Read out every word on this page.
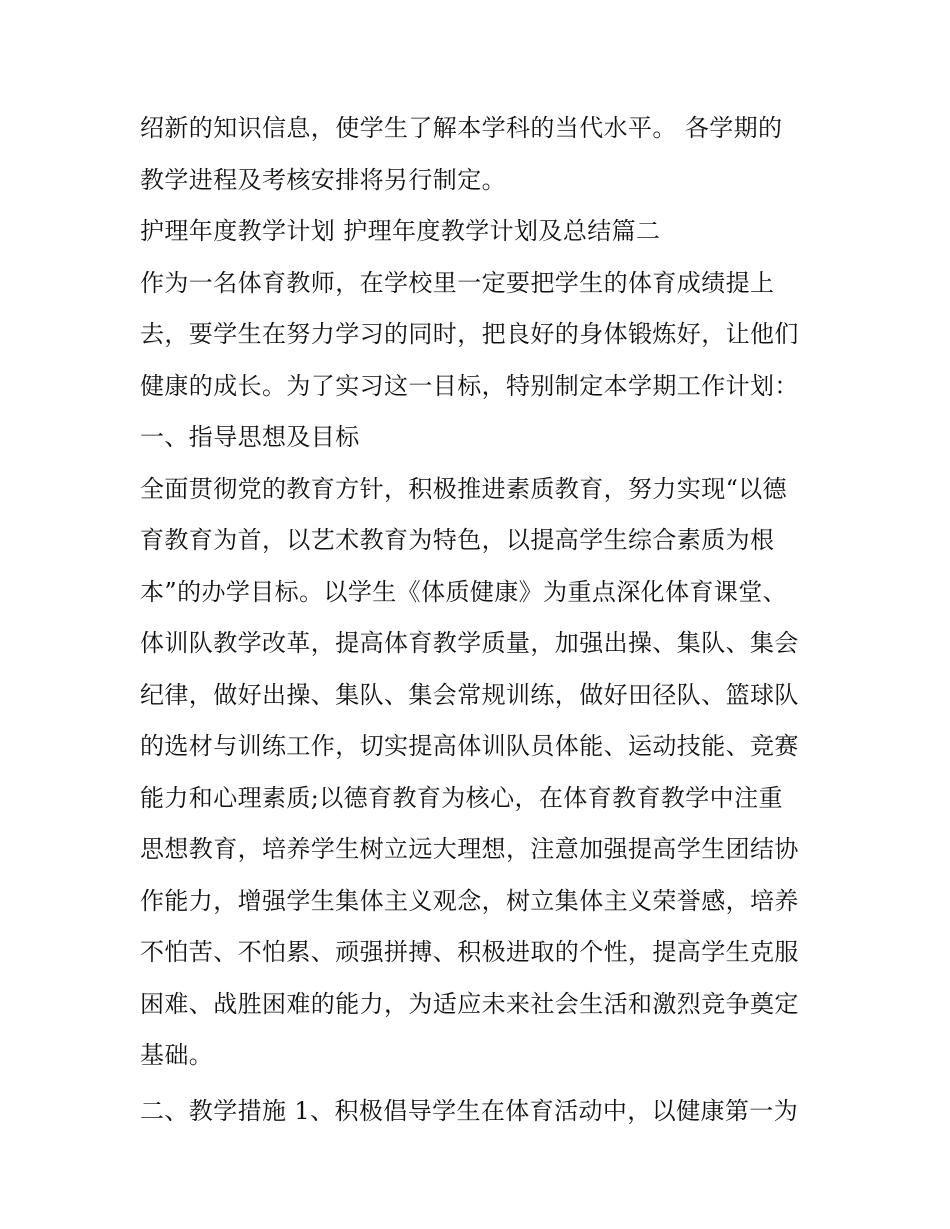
绍新的知识信息，使学生了解本学科的当代水平。 各学期的

教学进程及考核安排将另行制定。

护理年度教学计划 护理年度教学计划及总结篇二

作为一名体育教师，在学校里一定要把学生的体育成绩提上

去，要学生在努力学习的同时，把良好的身体锻炼好，让他们

健康的成长。为了实习这一目标，特别制定本学期工作计划：

一、指导思想及目标

全面贯彻党的教育方针，积极推进素质教育，努力实现“以德

育教育为首，以艺术教育为特色，以提高学生综合素质为根

本”的办学目标。以学生《体质健康》为重点深化体育课堂、

体训队教学改革，提高体育教学质量，加强出操、集队、集会

纪律，做好出操、集队、集会常规训练，做好田径队、篮球队

的选材与训练工作，切实提高体训队员体能、运动技能、竞赛

能力和心理素质;以德育教育为核心，在体育教育教学中注重

思想教育，培养学生树立远大理想，注意加强提高学生团结协

作能力，增强学生集体主义观念，树立集体主义荣誉感，培养

不怕苦、不怕累、顽强拼搏、积极进取的个性，提高学生克服

困难、战胜困难的能力，为适应未来社会生活和激烈竞争奠定

基础。

二、教学措施 1、积极倡导学生在体育活动中，以健康第一为
